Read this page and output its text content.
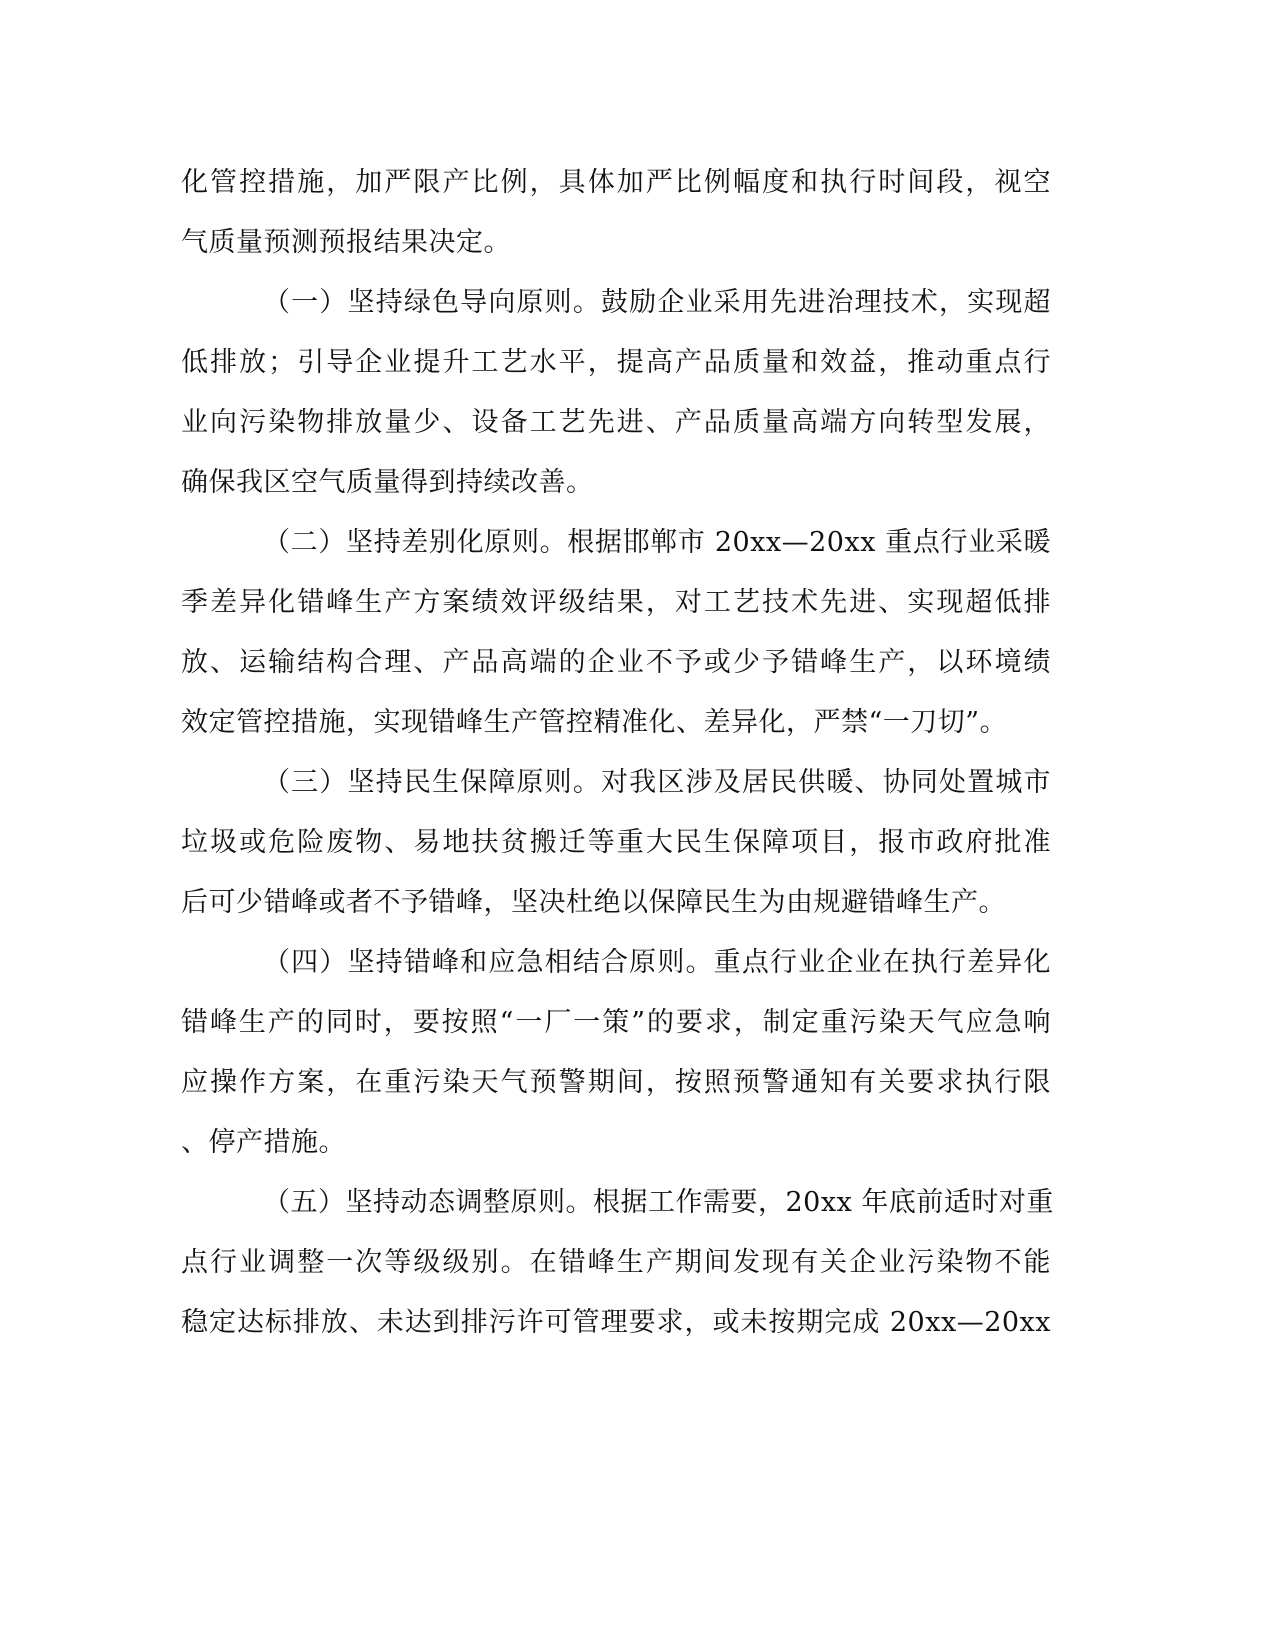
化管控措施，加严限产比例，具体加严比例幅度和执行时间段，视空
气质量预测预报结果决定。
（一）坚持绿色导向原则。鼓励企业采用先进治理技术，实现超
低排放；引导企业提升工艺水平，提高产品质量和效益，推动重点行
业向污染物排放量少、设备工艺先进、产品质量高端方向转型发展，
确保我区空气质量得到持续改善。
（二）坚持差别化原则。根据邯郸市 20xx—20xx 重点行业采暖
季差异化错峰生产方案绩效评级结果，对工艺技术先进、实现超低排
放、运输结构合理、产品高端的企业不予或少予错峰生产，以环境绩
效定管控措施，实现错峰生产管控精准化、差异化，严禁“一刀切”。
（三）坚持民生保障原则。对我区涉及居民供暖、协同处置城市
垃圾或危险废物、易地扶贫搬迁等重大民生保障项目，报市政府批准
后可少错峰或者不予错峰，坚决杜绝以保障民生为由规避错峰生产。
（四）坚持错峰和应急相结合原则。重点行业企业在执行差异化
错峰生产的同时，要按照“一厂一策”的要求，制定重污染天气应急响
应操作方案，在重污染天气预警期间，按照预警通知有关要求执行限
、停产措施。
（五）坚持动态调整原则。根据工作需要，20xx 年底前适时对重
点行业调整一次等级级别。在错峰生产期间发现有关企业污染物不能
稳定达标排放、未达到排污许可管理要求，或未按期完成 20xx—20xx
